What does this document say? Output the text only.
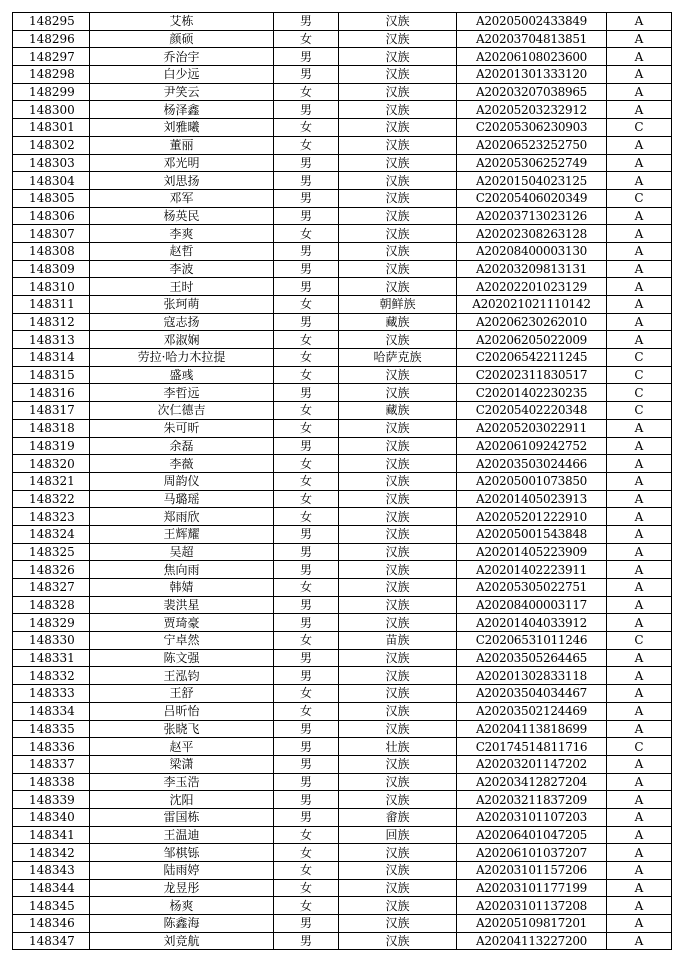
148295	艾栋	男	汉族	A20205002433849	A
148296	颜硕	女	汉族	A20203704813851	A
148297	乔治宇	男	汉族	A20206108023600	A
148298	白少远	男	汉族	A20201301333120	A
148299	尹笑云	女	汉族	A20203207038965	A
148300	杨泽鑫	男	汉族	A20205203232912	A
148301	刘雅曦	女	汉族	C20205306230903	C
148302	董丽	女	汉族	A20206523252750	A
148303	邓光明	男	汉族	A20205306252749	A
148304	刘思扬	男	汉族	A20201504023125	A
148305	邓军	男	汉族	C20205406020349	C
148306	杨英民	男	汉族	A20203713023126	A
148307	李爽	女	汉族	A20202308263128	A
148308	赵哲	男	汉族	A20208400003130	A
148309	李波	男	汉族	A20203209813131	A
148310	王时	男	汉族	A20202201023129	A
148311	张珂萌	女	朝鲜族	A202021021110142	A
148312	寇志扬	男	藏族	A20206230262010	A
148313	邓淑娴	女	汉族	A20206205022009	A
148314	劳拉·哈力木拉提	女	哈萨克族	C20206542211245	C
148315	盛彧	女	汉族	C20202311830517	C
148316	李哲远	男	汉族	C20201402230235	C
148317	次仁德吉	女	藏族	C20205402220348	C
148318	朱可昕	女	汉族	A20205203022911	A
148319	余磊	男	汉族	A20206109242752	A
148320	李薇	女	汉族	A20203503024466	A
148321	周韵仪	女	汉族	A20205001073850	A
148322	马璐瑶	女	汉族	A20201405023913	A
148323	郑雨欣	女	汉族	A20205201222910	A
148324	王辉耀	男	汉族	A20205001543848	A
148325	吴超	男	汉族	A20201405223909	A
148326	焦向雨	男	汉族	A20201402223911	A
148327	韩婧	女	汉族	A20205305022751	A
148328	裴洪星	男	汉族	A20208400003117	A
148329	贾琦豪	男	汉族	A20201404033912	A
148330	宁卓然	女	苗族	C20206531011246	C
148331	陈文强	男	汉族	A20203505264465	A
148332	王泓钧	男	汉族	A20201302833118	A
148333	王舒	女	汉族	A20203504034467	A
148334	吕昕怡	女	汉族	A20203502124469	A
148335	张晓飞	男	汉族	A20204113818699	A
148336	赵平	男	壮族	C20174514811716	C
148337	梁潇	男	汉族	A20203201147202	A
148338	李玉浩	男	汉族	A20203412827204	A
148339	沈阳	男	汉族	A20203211837209	A
148340	雷国栋	男	畲族	A20203101107203	A
148341	王温迪	女	回族	A20206401047205	A
148342	邹棋铄	女	汉族	A20206101037207	A
148343	陆雨婷	女	汉族	A20203101157206	A
148344	龙昱彤	女	汉族	A20203101177199	A
148345	杨爽	女	汉族	A20203101137208	A
148346	陈鑫海	男	汉族	A20205109817201	A
148347	刘竞航	男	汉族	A20204113227200	A
